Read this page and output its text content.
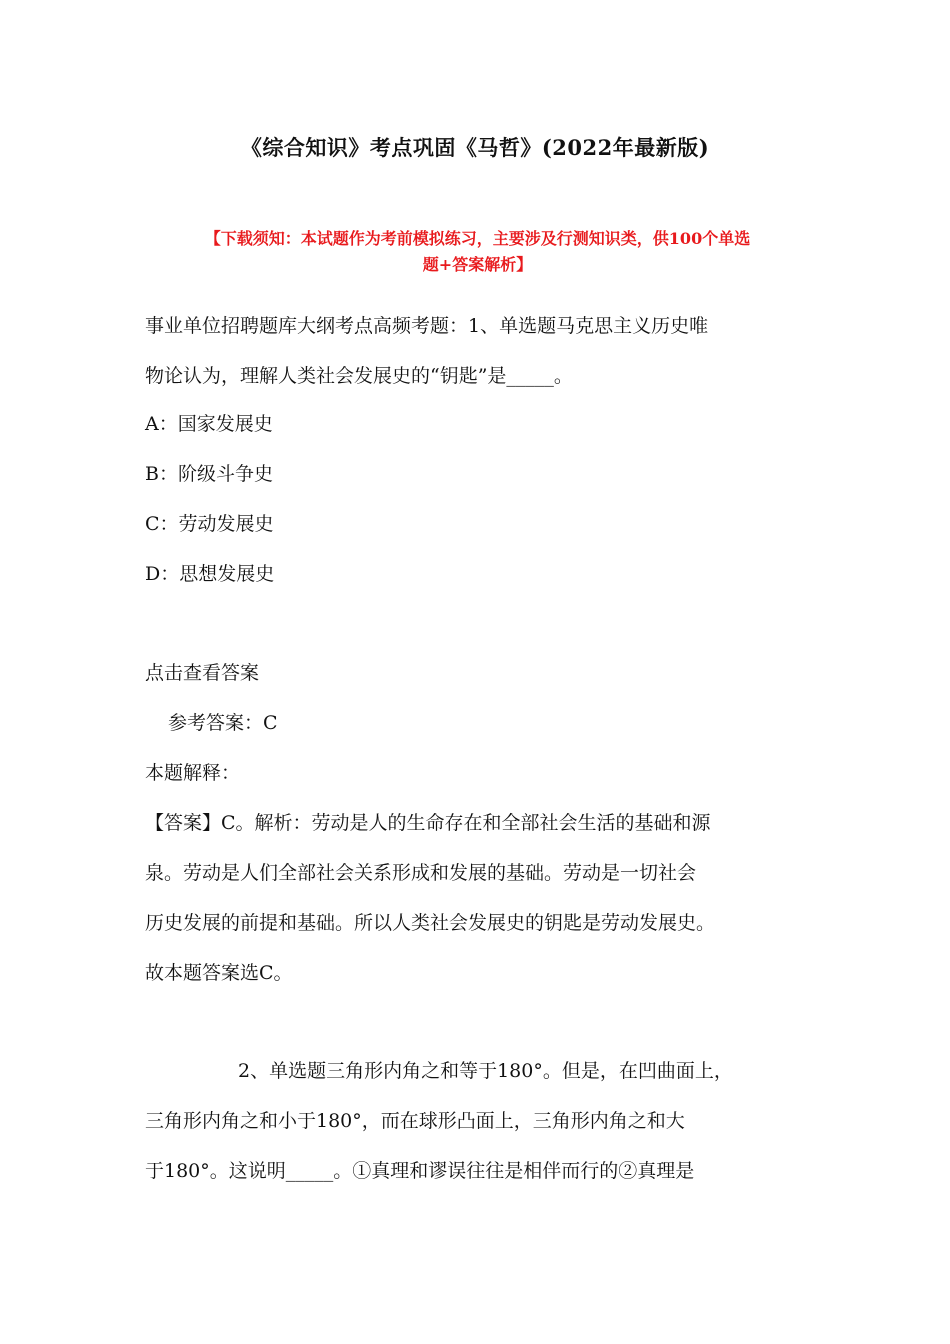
《综合知识》考点巩固《马哲》(2022年最新版)
【下载须知：本试题作为考前模拟练习，主要涉及行测知识类，供100个单选
题+答案解析】
事业单位招聘题库大纲考点高频考题：1、单选题马克思主义历史唯
物论认为，理解人类社会发展史的“钥匙”是_____。
A：国家发展史
B：阶级斗争史
C：劳动发展史
D：思想发展史
点击查看答案
参考答案：C
本题解释：
【答案】C。解析：劳动是人的生命存在和全部社会生活的基础和源
泉。劳动是人们全部社会关系形成和发展的基础。劳动是一切社会
历史发展的前提和基础。所以人类社会发展史的钥匙是劳动发展史。
故本题答案选C。
2、单选题三角形内角之和等于180°。但是，在凹曲面上，
三角形内角之和小于180°，而在球形凸面上，三角形内角之和大
于180°。这说明_____。①真理和谬误往往是相伴而行的②真理是
